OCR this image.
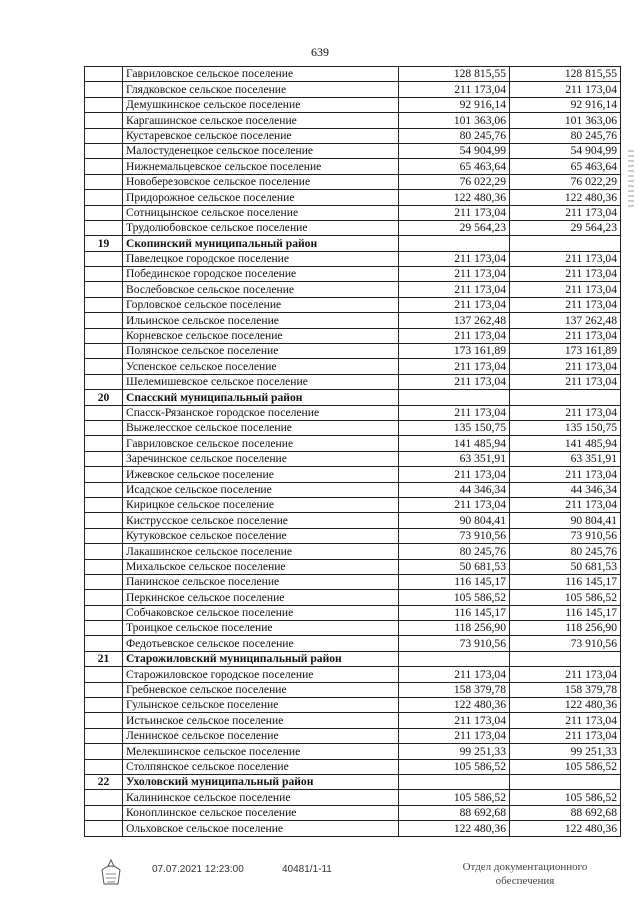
639
	Гавриловское сельское поселение	128 815,55	128 815,55
	Глядковское сельское поселение	211 173,04	211 173,04
	Демушкинское сельское поселение	92 916,14	92 916,14
	Каргашинское сельское поселение	101 363,06	101 363,06
	Кустаревское сельское поселение	80 245,76	80 245,76
	Малостуденецкое сельское поселение	54 904,99	54 904,99
	Нижнемальцевское сельское поселение	65 463,64	65 463,64
	Новоберезовское сельское поселение	76 022,29	76 022,29
	Придорожное сельское поселение	122 480,36	122 480,36
	Сотницынское сельское поселение	211 173,04	211 173,04
	Трудолюбовское сельское поселение	29 564,23	29 564,23
19	Скопинский муниципальный район		
	Павелецкое городское поселение	211 173,04	211 173,04
	Побединское городское поселение	211 173,04	211 173,04
	Вослебовское сельское поселение	211 173,04	211 173,04
	Горловское сельское поселение	211 173,04	211 173,04
	Ильинское сельское поселение	137 262,48	137 262,48
	Корневское сельское поселение	211 173,04	211 173,04
	Полянское сельское поселение	173 161,89	173 161,89
	Успенское сельское поселение	211 173,04	211 173,04
	Шелемишевское сельское поселение	211 173,04	211 173,04
20	Спасский муниципальный район		
	Спасск-Рязанское городское поселение	211 173,04	211 173,04
	Выжелесское сельское поселение	135 150,75	135 150,75
	Гавриловское сельское поселение	141 485,94	141 485,94
	Заречинское сельское поселение	63 351,91	63 351,91
	Ижевское сельское поселение	211 173,04	211 173,04
	Исадское сельское поселение	44 346,34	44 346,34
	Кирицкое сельское поселение	211 173,04	211 173,04
	Киструсское сельское поселение	90 804,41	90 804,41
	Кутуковское сельское поселение	73 910,56	73 910,56
	Лакашинское сельское поселение	80 245,76	80 245,76
	Михальское сельское поселение	50 681,53	50 681,53
	Панинское сельское поселение	116 145,17	116 145,17
	Перкинское сельское поселение	105 586,52	105 586,52
	Собчаковское сельское поселение	116 145,17	116 145,17
	Троицкое сельское поселение	118 256,90	118 256,90
	Федотьевское сельское поселение	73 910,56	73 910,56
21	Старожиловский муниципальный район		
	Старожиловское городское поселение	211 173,04	211 173,04
	Гребневское сельское поселение	158 379,78	158 379,78
	Гулынское сельское поселение	122 480,36	122 480,36
	Истьинское сельское поселение	211 173,04	211 173,04
	Ленинское сельское поселение	211 173,04	211 173,04
	Мелекшинское сельское поселение	99 251,33	99 251,33
	Столпянское сельское поселение	105 586,52	105 586,52
22	Ухоловский муниципальный район		
	Калининское сельское поселение	105 586,52	105 586,52
	Коноплинское сельское поселение	88 692,68	88 692,68
	Ольховское сельское поселение	122 480,36	122 480,36
07.07.2021 12:23:00	40481/1-11	Отдел документационного
обеспечения
